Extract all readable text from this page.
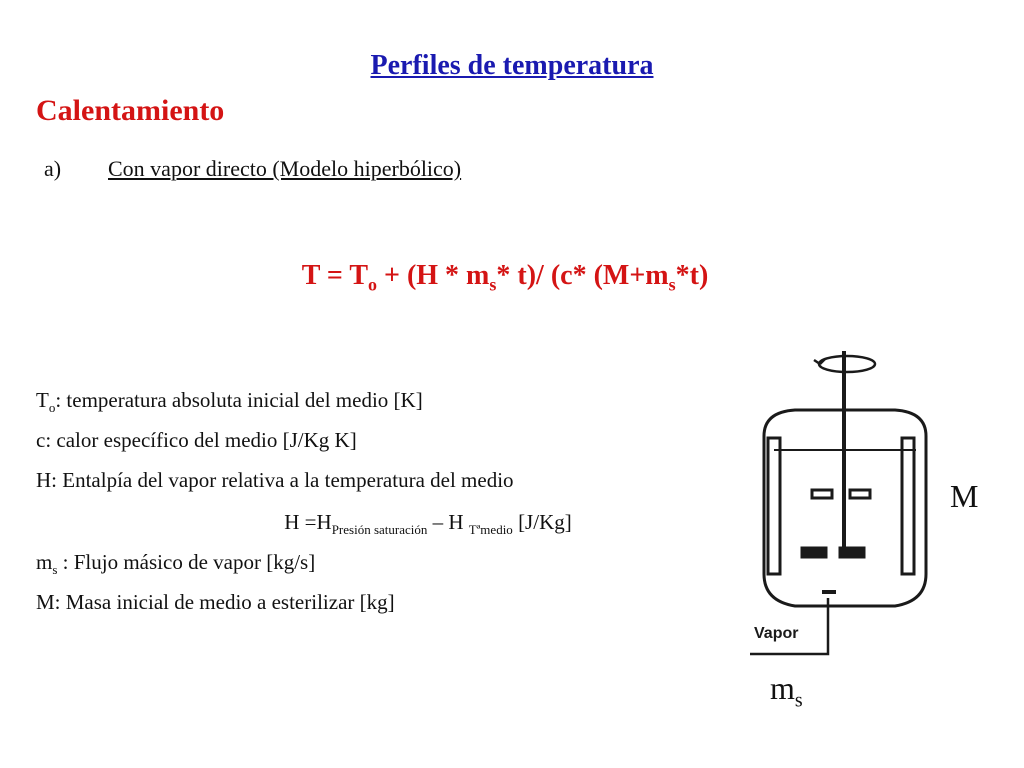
Perfiles de temperatura
Calentamiento
a) Con vapor directo (Modelo hiperbólico)
$T = T_o + (H * m_s*$ t)/ (c* $(M+m_s*t)$
$T_o$: temperatura absoluta inicial del medio [K]
c: calor específico del medio [J/Kg K]
H: Entalpía del vapor relativa a la temperatura del medio
$H =H_{Presión saturación} - H$ $_{Tªmedio}$ [J/Kg]
$m_s$ : Flujo másico de vapor [kg/s]
M: Masa inicial de medio a esterilizar [kg]
Vapor
M
$m_s$
